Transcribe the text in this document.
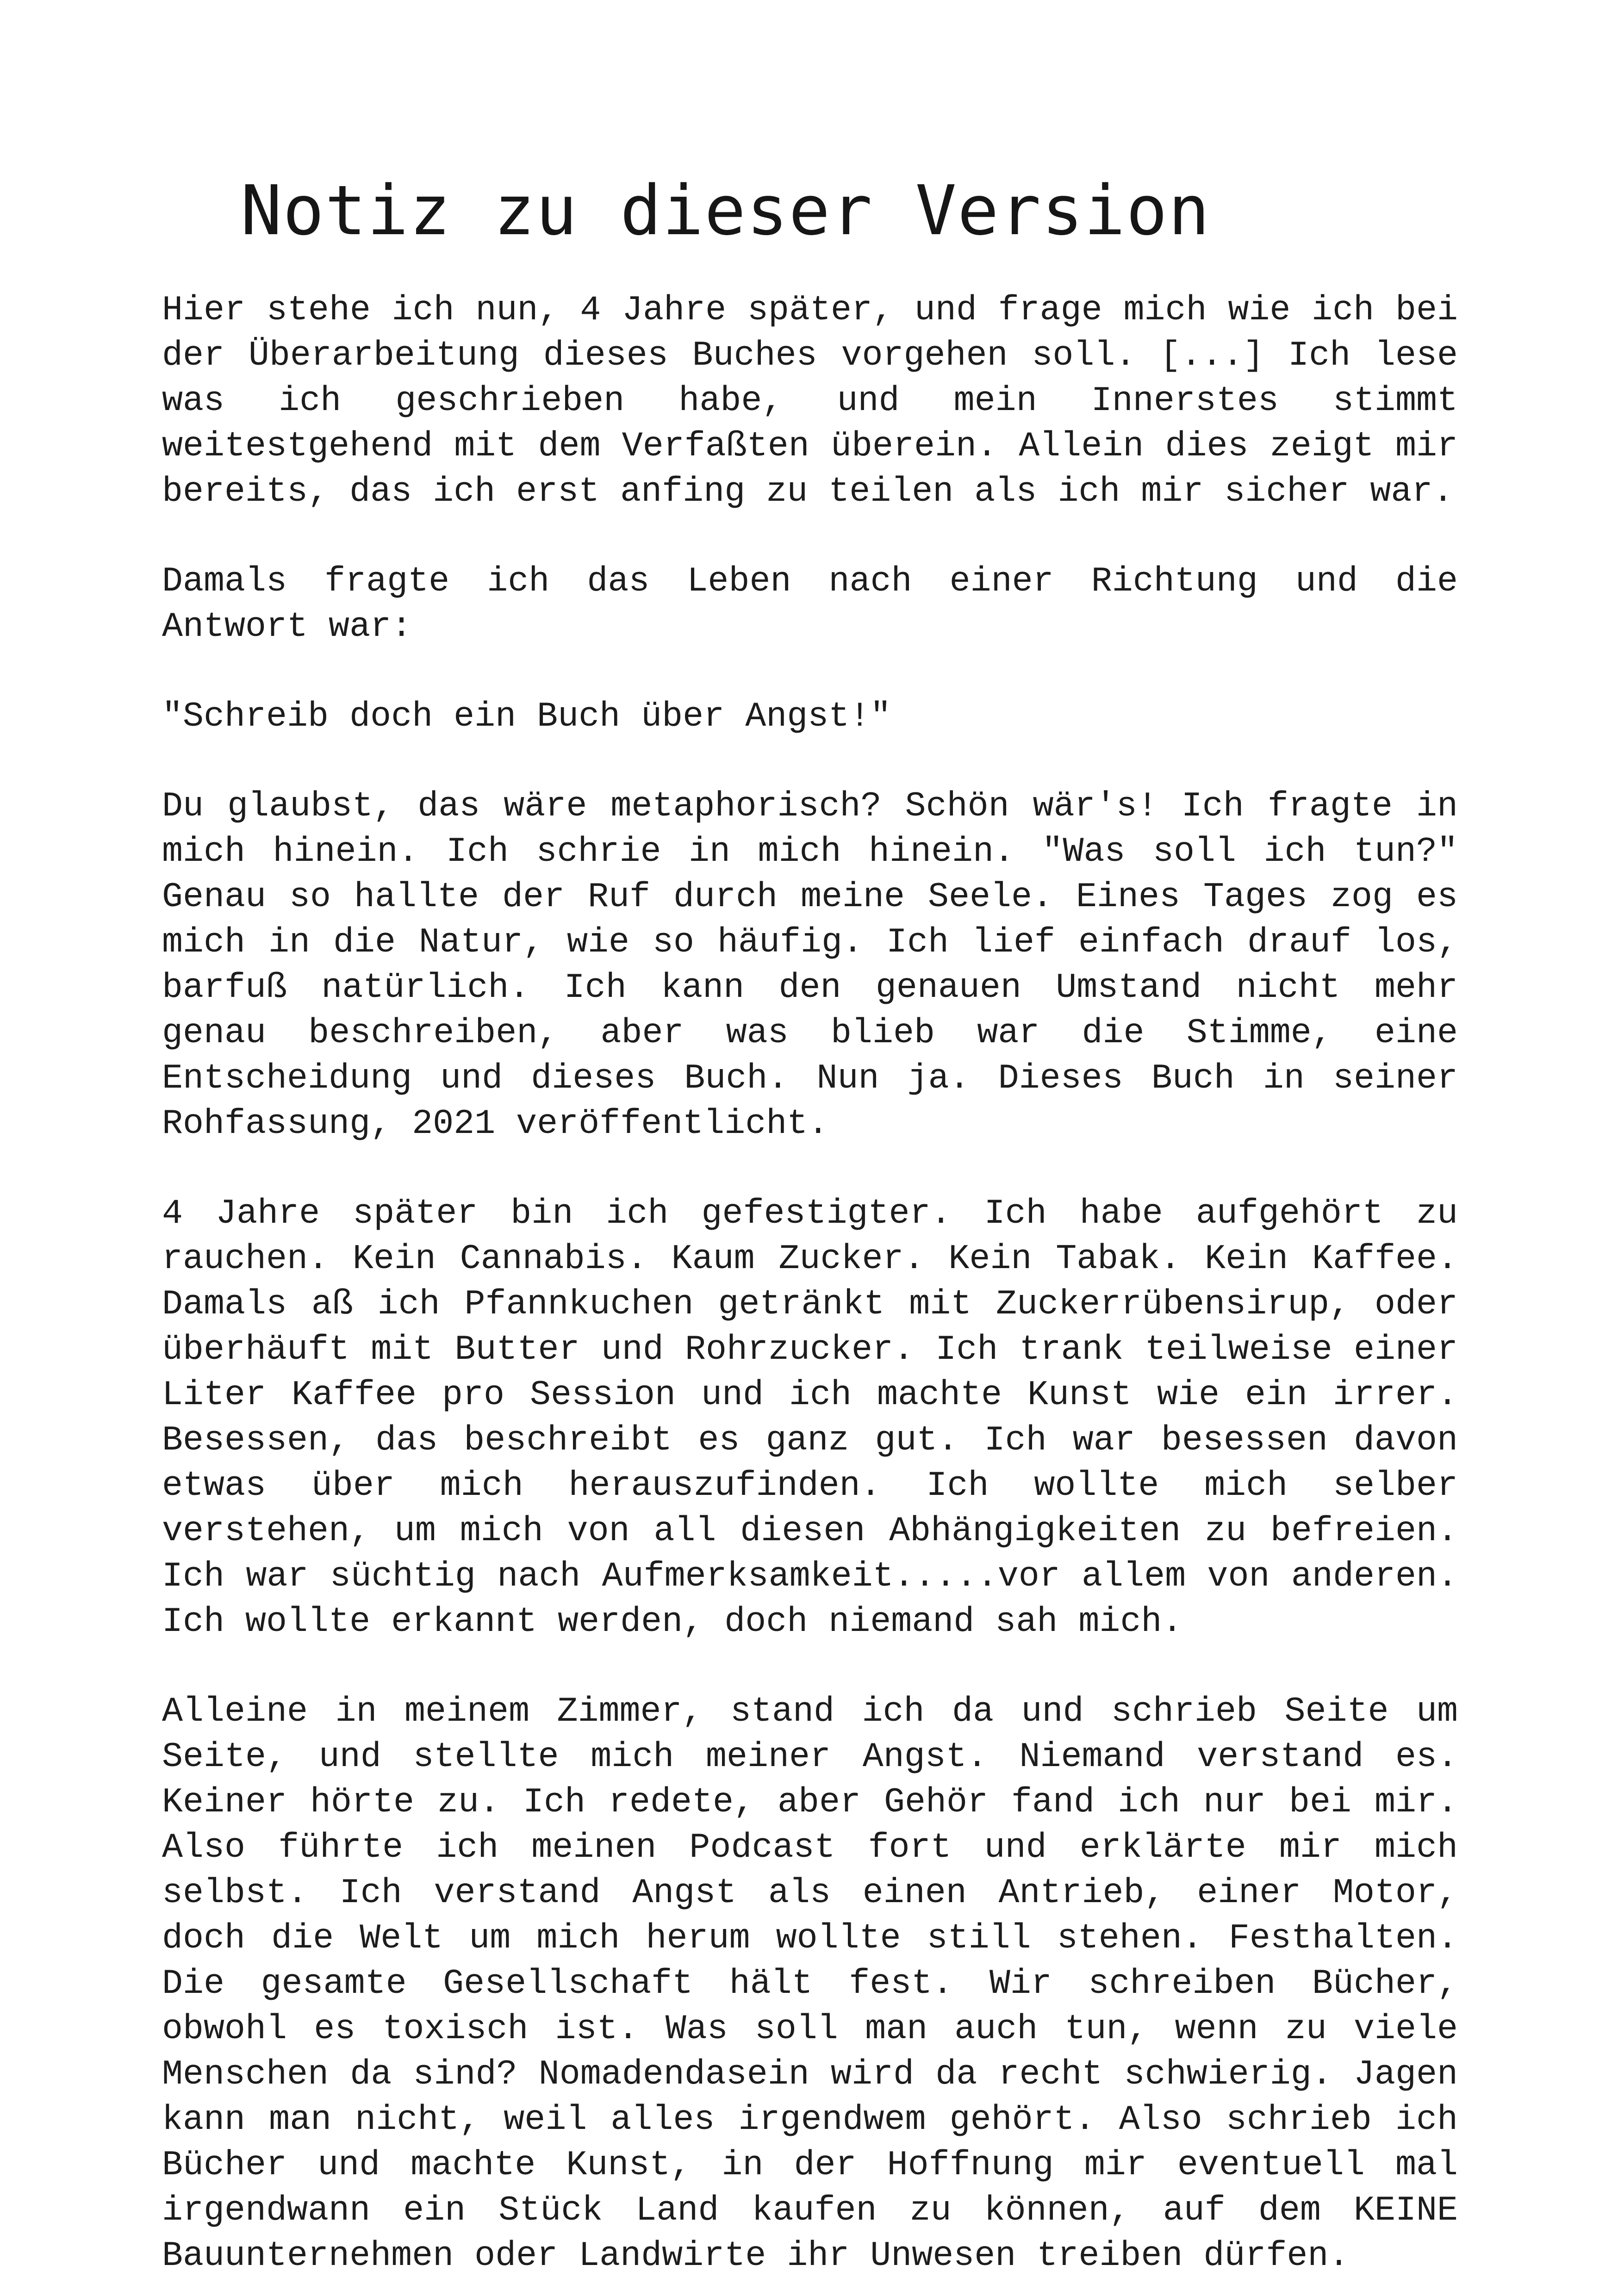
Notiz zu dieser Version

Hier stehe ich nun, 4 Jahre später, und frage mich wie ich bei der Überarbeitung dieses Buches vorgehen soll. [...] Ich lese was ich geschrieben habe, und mein Innerstes stimmt weitestgehend mit dem Verfaßten überein. Allein dies zeigt mir bereits, das ich erst anfing zu teilen als ich mir sicher war.

Damals fragte ich das Leben nach einer Richtung und die Antwort war:

"Schreib doch ein Buch über Angst!"

Du glaubst, das wäre metaphorisch? Schön wär's! Ich fragte in mich hinein. Ich schrie in mich hinein. "Was soll ich tun?" Genau so hallte der Ruf durch meine Seele. Eines Tages zog es mich in die Natur, wie so häufig. Ich lief einfach drauf los, barfuß natürlich. Ich kann den genauen Umstand nicht mehr genau beschreiben, aber was blieb war die Stimme, eine Entscheidung und dieses Buch. Nun ja. Dieses Buch in seiner Rohfassung, 2021 veröffentlicht.

4 Jahre später bin ich gefestigter. Ich habe aufgehört zu rauchen. Kein Cannabis. Kaum Zucker. Kein Tabak. Kein Kaffee. Damals aß ich Pfannkuchen getränkt mit Zuckerrübensirup, oder überhäuft mit Butter und Rohrzucker. Ich trank teilweise einer Liter Kaffee pro Session und ich machte Kunst wie ein irrer. Besessen, das beschreibt es ganz gut. Ich war besessen davon etwas über mich herauszufinden. Ich wollte mich selber verstehen, um mich von all diesen Abhängigkeiten zu befreien. Ich war süchtig nach Aufmerksamkeit.....vor allem von anderen. Ich wollte erkannt werden, doch niemand sah mich.

Alleine in meinem Zimmer, stand ich da und schrieb Seite um Seite, und stellte mich meiner Angst. Niemand verstand es. Keiner hörte zu. Ich redete, aber Gehör fand ich nur bei mir. Also führte ich meinen Podcast fort und erklärte mir mich selbst. Ich verstand Angst als einen Antrieb, einer Motor, doch die Welt um mich herum wollte still stehen. Festhalten. Die gesamte Gesellschaft hält fest. Wir schreiben Bücher, obwohl es toxisch ist. Was soll man auch tun, wenn zu viele Menschen da sind? Nomadendasein wird da recht schwierig. Jagen kann man nicht, weil alles irgendwem gehört. Also schrieb ich Bücher und machte Kunst, in der Hoffnung mir eventuell mal irgendwann ein Stück Land kaufen zu können, auf dem KEINE Bauunternehmen oder Landwirte ihr Unwesen treiben dürfen.
